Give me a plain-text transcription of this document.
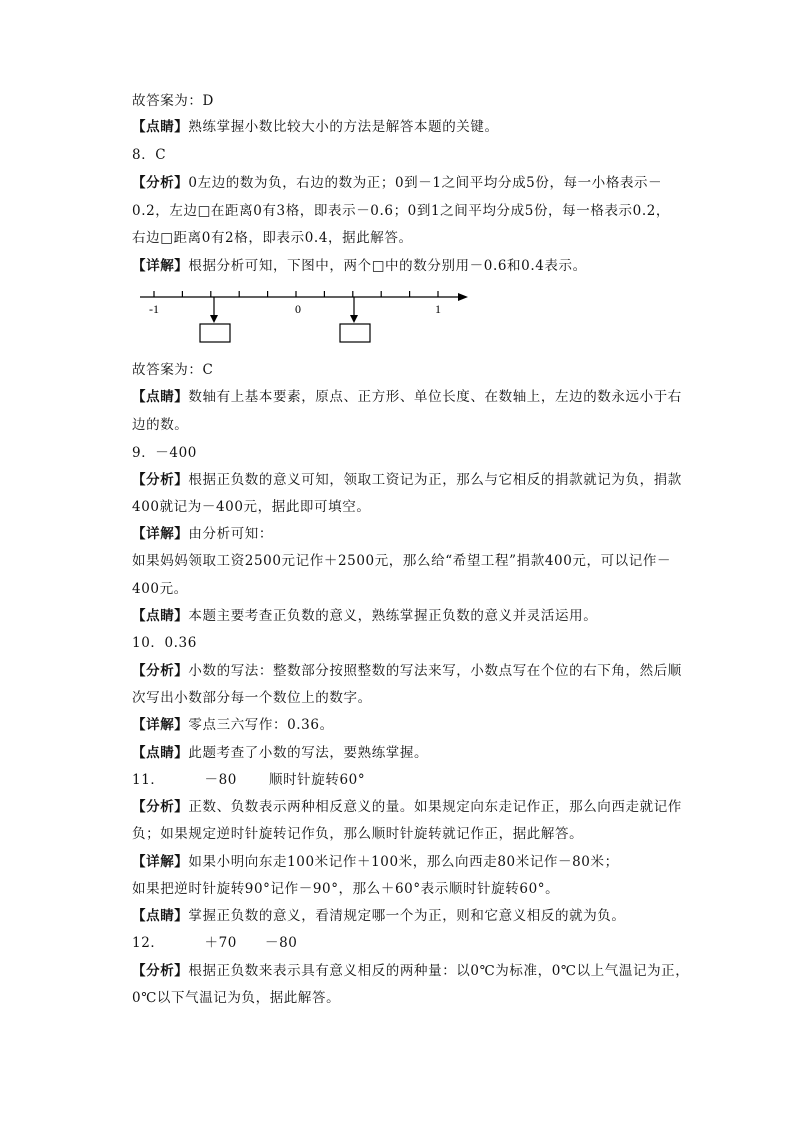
故答案为：D
【点睛】熟练掌握小数比较大小的方法是解答本题的关键。
8．C
【分析】0左边的数为负，右边的数为正；0到－1之间平均分成5份，每一小格表示－
0.2，左边□在距离0有3格，即表示－0.6；0到1之间平均分成5份，每一格表示0.2，
右边□距离0有2格，即表示0.4，据此解答。
【详解】根据分析可知，下图中，两个□中的数分别用－0.6和0.4表示。
-1	0	1
故答案为：C
【点睛】数轴有上基本要素，原点、正方形、单位长度、在数轴上，左边的数永远小于右
边的数。
9．－400
【分析】根据正负数的意义可知，领取工资记为正，那么与它相反的捐款就记为负，捐款
400就记为－400元，据此即可填空。
【详解】由分析可知：
如果妈妈领取工资2500元记作＋2500元，那么给“希望工程”捐款400元，可以记作－
400元。
【点睛】本题主要考查正负数的意义，熟练掌握正负数的意义并灵活运用。
10．0.36
【分析】小数的写法：整数部分按照整数的写法来写，小数点写在个位的右下角，然后顺
次写出小数部分每一个数位上的数字。
【详解】零点三六写作：0.36。
【点睛】此题考查了小数的写法，要熟练掌握。
11．	－80 顺时针旋转60°
【分析】正数、负数表示两种相反意义的量。如果规定向东走记作正，那么向西走就记作
负；如果规定逆时针旋转记作负，那么顺时针旋转就记作正，据此解答。
【详解】如果小明向东走100米记作＋100米，那么向西走80米记作－80米；
如果把逆时针旋转90°记作－90°，那么＋60°表示顺时针旋转60°。
【点睛】掌握正负数的意义，看清规定哪一个为正，则和它意义相反的就为负。
12．	＋70 －80
【分析】根据正负数来表示具有意义相反的两种量：以0℃为标准，0℃以上气温记为正，
0℃以下气温记为负，据此解答。
